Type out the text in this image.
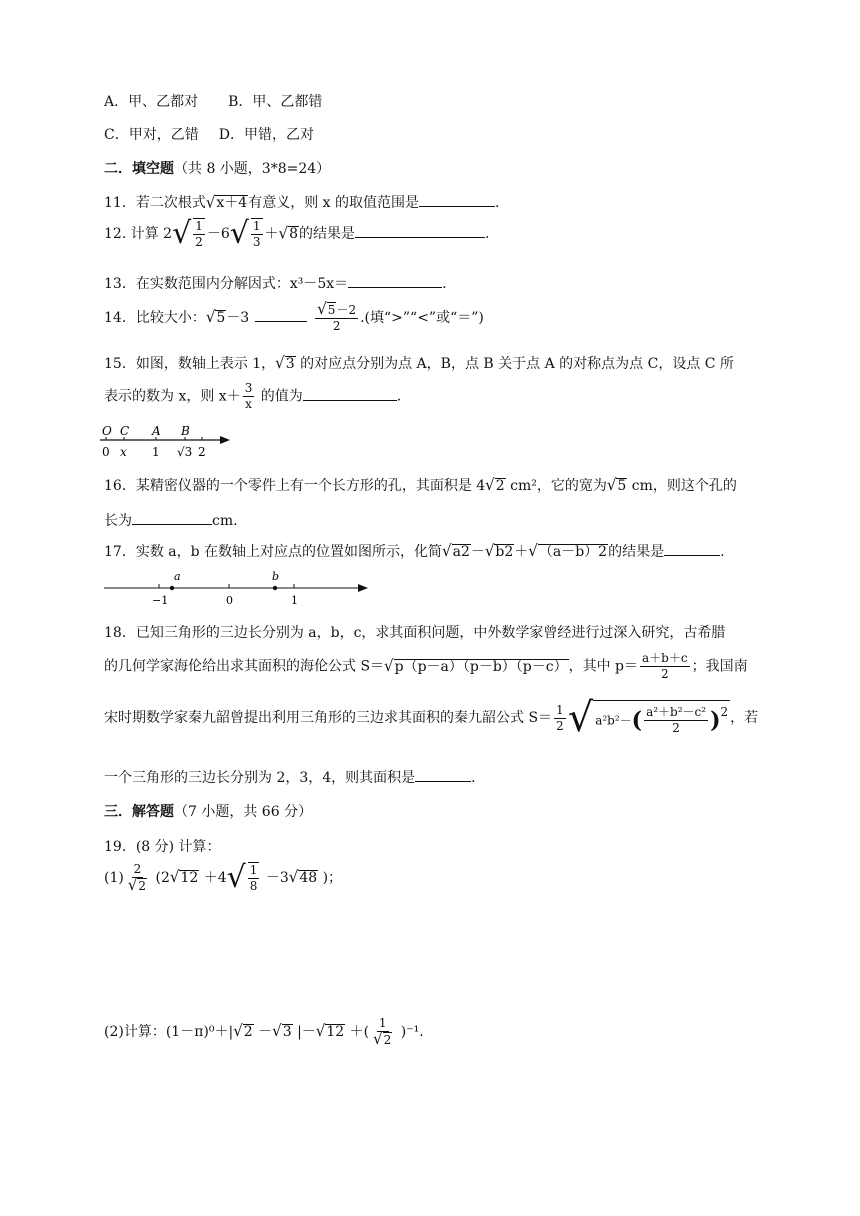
A．甲、乙都对 B．甲、乙都错
C．甲对，乙错 D．甲错，乙对
二．填空题（共 8 小题，3*8=24）
11．若二次根式√x＋4有意义，则 x 的取值范围是	.
12. 计算 $2√ \frac{1}{2} -6√ \frac{1}{3} +√8$的结果是	.
13．在实数范围内分解因式：x³－5x＝	.
14．比较大小：√5－3	$\frac{√5-2}{2}$ .(填“>”“<”或“＝”)
15．如图，数轴上表示 1，√3 的对应点分别为点 A，B，点 B 关于点 A 的对称点为点 C，设点 C 所
表示的数为 x，则 $x+ \frac{3}{x}$ 的值为	.
O C A B
0 x 1 √3 2
16．某精密仪器的一个零件上有一个长方形的孔，其面积是 4√2 cm²，它的宽为√5 cm，则这个孔的
长为	cm.
17．实数 a，b 在数轴上对应点的位置如图所示，化简√a2－√b2＋√（a－b）2的结果是	.
a	b
−1	0	1
18．已知三角形的三边长分别为 a，b，c，求其面积问题，中外数学家曾经进行过深入研究，古希腊
的几何学家海伦给出求其面积的海伦公式 S＝√p（p－a）（p－b）（p－c），其中 $p= \frac{a+b+c}{2}$ ；我国南
宋时期数学家秦九韶曾提出利用三角形的三边求其面积的秦九韶公式 $S= \frac{1}{2}$ √ $a^2b^2-( \frac{\text{a²＋b²－c²}}{2} )2$ ，若
一个三角形的三边长分别为 2，3，4，则其面积是	.
三．解答题（7 小题，共 66 分）
19．(8 分) 计算：
$(1) \frac{2}{√2} (2√12 +4√ \frac{1}{8} -3√48$ )；
(2)计算：(1－π)⁰＋|√2 －√3 |－√12 ＋( $\frac{1}{√2} )^{-1}$.
